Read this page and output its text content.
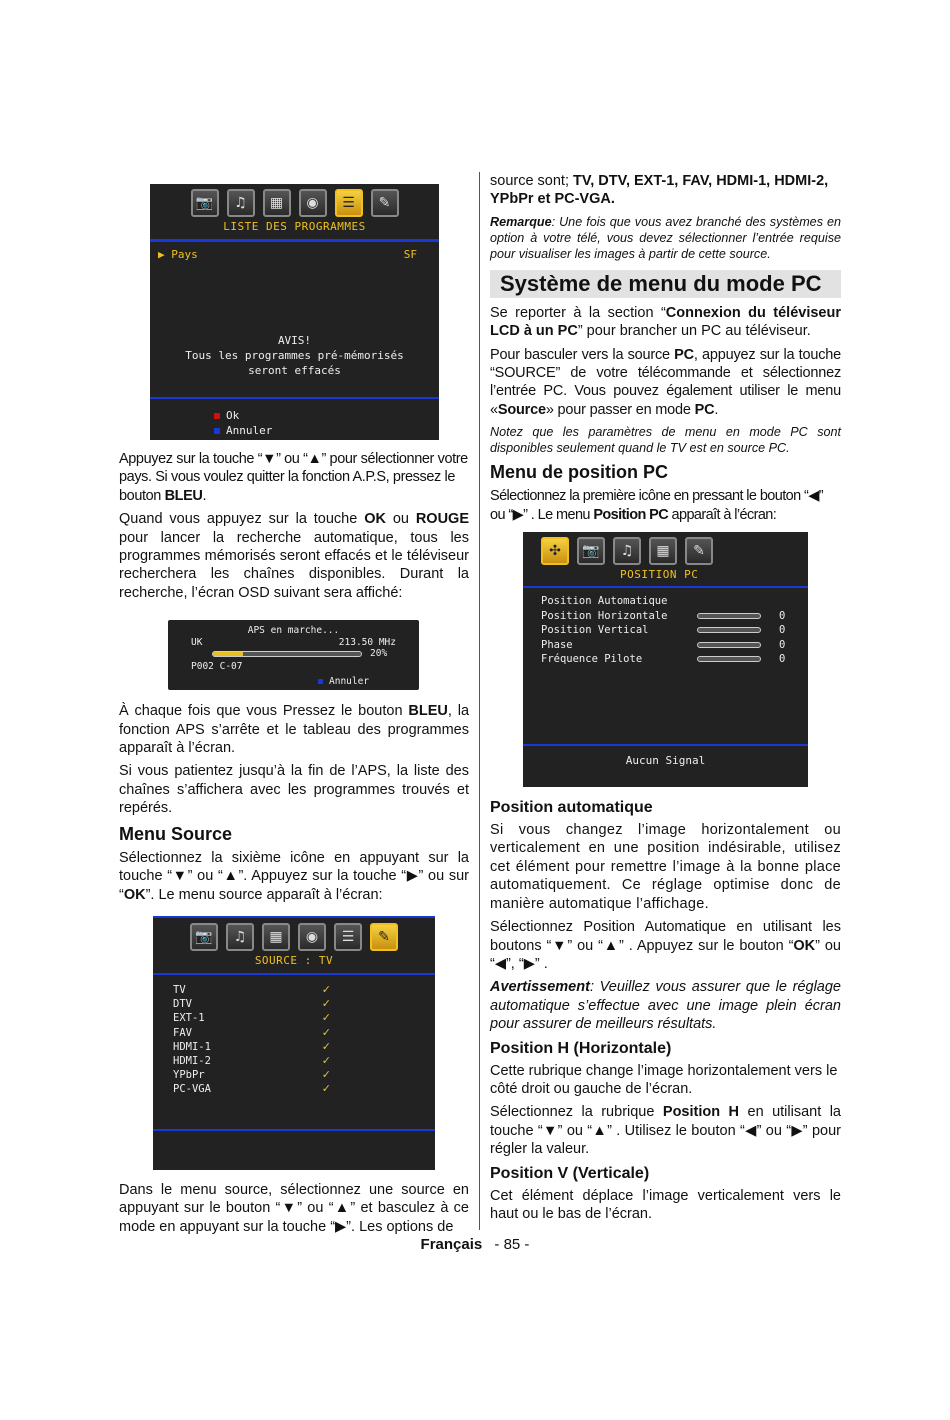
📷	♫	▦	◉	☰	✎
LISTE DES PROGRAMMES
▶ Pays	SF
AVIS!
Tous les programmes pré-mémorisés
seront effacés
Ok
Annuler

Appuyez sur la touche “▼” ou “▲” pour sélectionner votre pays. Si vous voulez quitter la fonction A.P.S, pressez le bouton BLEU.

Quand vous appuyez sur la touche OK ou ROUGE pour lancer la recherche automatique, tous les programmes mémorisés seront effacés et le téléviseur recherchera les chaînes disponibles. Durant la recherche, l’écran OSD suivant sera affiché:

APS en marche...
UK	213.50 MHz
20%
P002 C-07
Annuler

À chaque fois que vous Pressez le bouton BLEU, la fonction APS s’arrête et le tableau des programmes apparaît à l’écran.

Si vous patientez jusqu’à la fin de l’APS, la liste des chaînes s’affichera avec les programmes trouvés et repérés.

Menu Source

Sélectionnez la sixième icône en appuyant sur la touche “▼” ou “▲”. Appuyez sur la touche “▶” ou sur “OK”. Le menu source apparaît à l’écran:

📷	♫	▦	◉	☰	✎
SOURCE : TV
TV	✓
DTV	✓
EXT-1	✓
FAV	✓
HDMI-1	✓
HDMI-2	✓
YPbPr	✓
PC-VGA	✓

Dans le menu source, sélectionnez une source en appuyant sur le bouton “▼” ou “▲” et basculez à ce mode en appuyant sur la touche “▶”. Les options de

source sont; TV, DTV, EXT-1, FAV, HDMI-1, HDMI-2, YPbPr et PC-VGA.

Remarque: Une fois que vous avez branché des systèmes en option à votre télé, vous devez sélectionner l’entrée requise pour visualiser les images à partir de cette source.

Système de menu du mode PC

Se reporter à la section “Connexion du téléviseur LCD à un PC” pour brancher un PC au téléviseur.

Pour basculer vers la source PC, appuyez sur la touche “SOURCE” de votre télécommande et sélectionnez l’entrée PC. Vous pouvez également utiliser le menu «Source» pour passer en mode PC.

Notez que les paramètres de menu en mode PC sont disponibles seulement quand le TV est en source PC.

Menu de position PC

Sélectionnez la première icône en pressant le bouton “◀” ou “▶” . Le menu Position PC apparaît à l’écran:

✣	📷	♫	▦	✎
POSITION PC
Position Automatique
Position Horizontale	0
Position Vertical	0
Phase	0
Fréquence Pilote	0
Aucun Signal
Position automatique

Si vous changez l’image horizontalement ou verticalement en une position indésirable, utilisez cet élément pour remettre l’image à la bonne place automatiquement. Ce réglage optimise donc de manière automatique l’affichage.

Sélectionnez Position Automatique en utilisant les boutons “▼” ou “▲” . Appuyez sur le bouton “OK” ou “◀”, “▶” .

Avertissement: Veuillez vous assurer que le réglage automatique s’effectue avec une image plein écran pour assurer de meilleurs résultats.

Position H (Horizontale)

Cette rubrique change l’image horizontalement vers le côté droit ou gauche de l’écran.

Sélectionnez la rubrique Position H en utilisant la touche “▼” ou “▲” . Utilisez le bouton “◀” ou “▶” pour régler la valeur.

Position V (Verticale)

Cet élément déplace l’image verticalement vers le haut ou le bas de l’écran.

Français - 85 -
